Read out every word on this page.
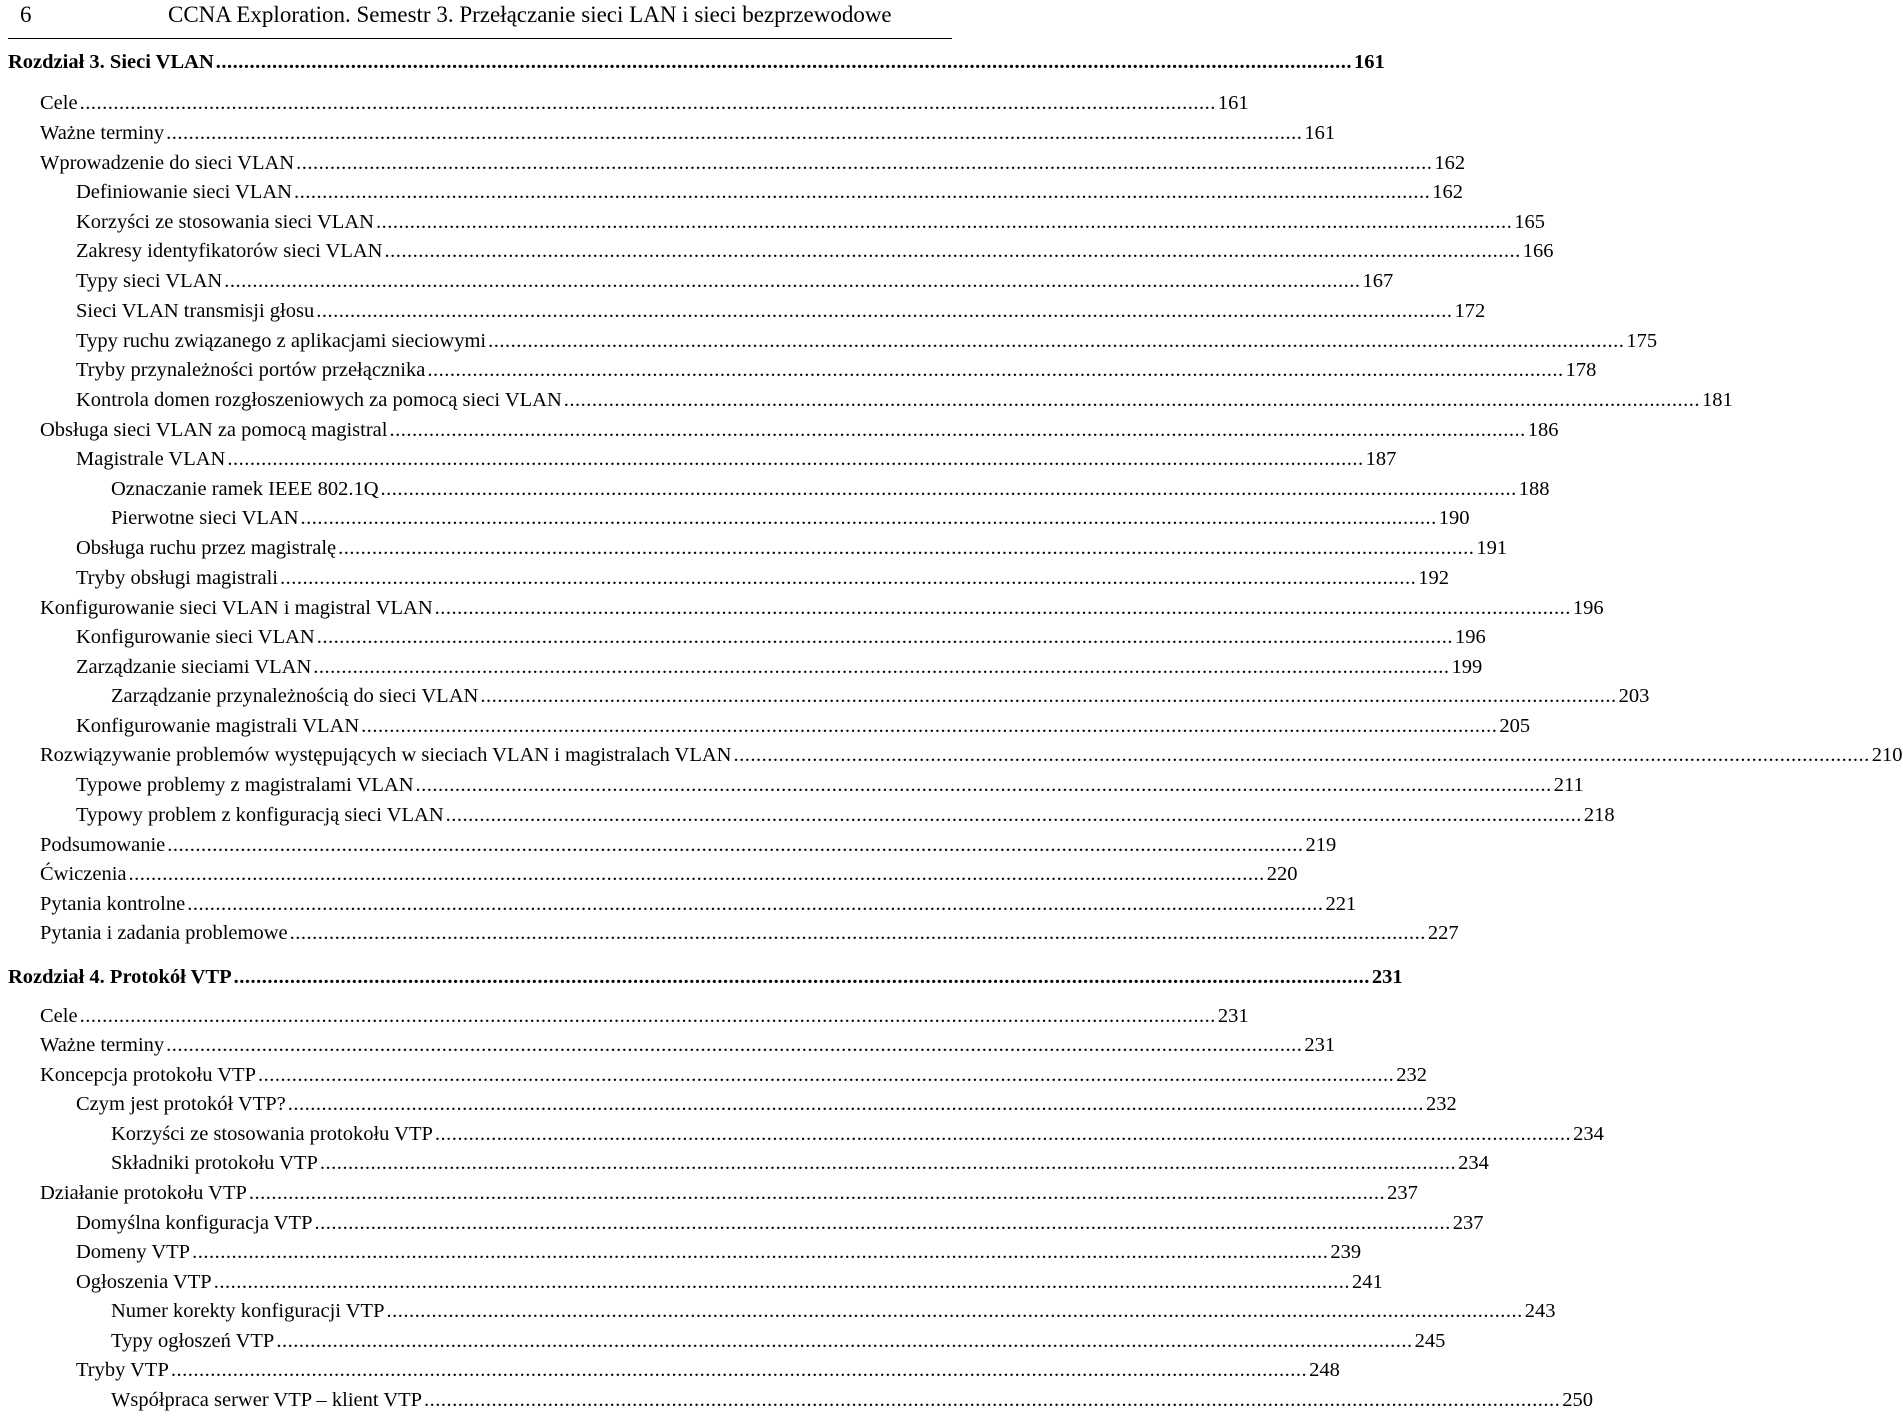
6	CCNA Exploration. Semestr 3. Przełączanie sieci LAN i sieci bezprzewodowe
Rozdział 3. Sieci VLAN .......................................................................................................................................................................................................... 161
Cele .......................................................................................................................................................................................................... 161
Ważne terminy .......................................................................................................................................................................................................... 161
Wprowadzenie do sieci VLAN .......................................................................................................................................................................................................... 162
Definiowanie sieci VLAN .......................................................................................................................................................................................................... 162
Korzyści ze stosowania sieci VLAN .......................................................................................................................................................................................................... 165
Zakresy identyfikatorów sieci VLAN .......................................................................................................................................................................................................... 166
Typy sieci VLAN .......................................................................................................................................................................................................... 167
Sieci VLAN transmisji głosu .......................................................................................................................................................................................................... 172
Typy ruchu związanego z aplikacjami sieciowymi .......................................................................................................................................................................................................... 175
Tryby przynależności portów przełącznika .......................................................................................................................................................................................................... 178
Kontrola domen rozgłoszeniowych za pomocą sieci VLAN .......................................................................................................................................................................................................... 181
Obsługa sieci VLAN za pomocą magistral .......................................................................................................................................................................................................... 186
Magistrale VLAN .......................................................................................................................................................................................................... 187
Oznaczanie ramek IEEE 802.1Q .......................................................................................................................................................................................................... 188
Pierwotne sieci VLAN .......................................................................................................................................................................................................... 190
Obsługa ruchu przez magistralę .......................................................................................................................................................................................................... 191
Tryby obsługi magistrali .......................................................................................................................................................................................................... 192
Konfigurowanie sieci VLAN i magistral VLAN .......................................................................................................................................................................................................... 196
Konfigurowanie sieci VLAN .......................................................................................................................................................................................................... 196
Zarządzanie sieciami VLAN .......................................................................................................................................................................................................... 199
Zarządzanie przynależnością do sieci VLAN .......................................................................................................................................................................................................... 203
Konfigurowanie magistrali VLAN .......................................................................................................................................................................................................... 205
Rozwiązywanie problemów występujących w sieciach VLAN i magistralach VLAN .......................................................................................................................................................................................................... 210
Typowe problemy z magistralami VLAN .......................................................................................................................................................................................................... 211
Typowy problem z konfiguracją sieci VLAN .......................................................................................................................................................................................................... 218
Podsumowanie .......................................................................................................................................................................................................... 219
Ćwiczenia .......................................................................................................................................................................................................... 220
Pytania kontrolne .......................................................................................................................................................................................................... 221
Pytania i zadania problemowe .......................................................................................................................................................................................................... 227
Rozdział 4. Protokół VTP .......................................................................................................................................................................................................... 231
Cele .......................................................................................................................................................................................................... 231
Ważne terminy .......................................................................................................................................................................................................... 231
Koncepcja protokołu VTP .......................................................................................................................................................................................................... 232
Czym jest protokół VTP? .......................................................................................................................................................................................................... 232
Korzyści ze stosowania protokołu VTP .......................................................................................................................................................................................................... 234
Składniki protokołu VTP .......................................................................................................................................................................................................... 234
Działanie protokołu VTP .......................................................................................................................................................................................................... 237
Domyślna konfiguracja VTP .......................................................................................................................................................................................................... 237
Domeny VTP .......................................................................................................................................................................................................... 239
Ogłoszenia VTP .......................................................................................................................................................................................................... 241
Numer korekty konfiguracji VTP .......................................................................................................................................................................................................... 243
Typy ogłoszeń VTP .......................................................................................................................................................................................................... 245
Tryby VTP .......................................................................................................................................................................................................... 248
Współpraca serwer VTP – klient VTP .......................................................................................................................................................................................................... 250
